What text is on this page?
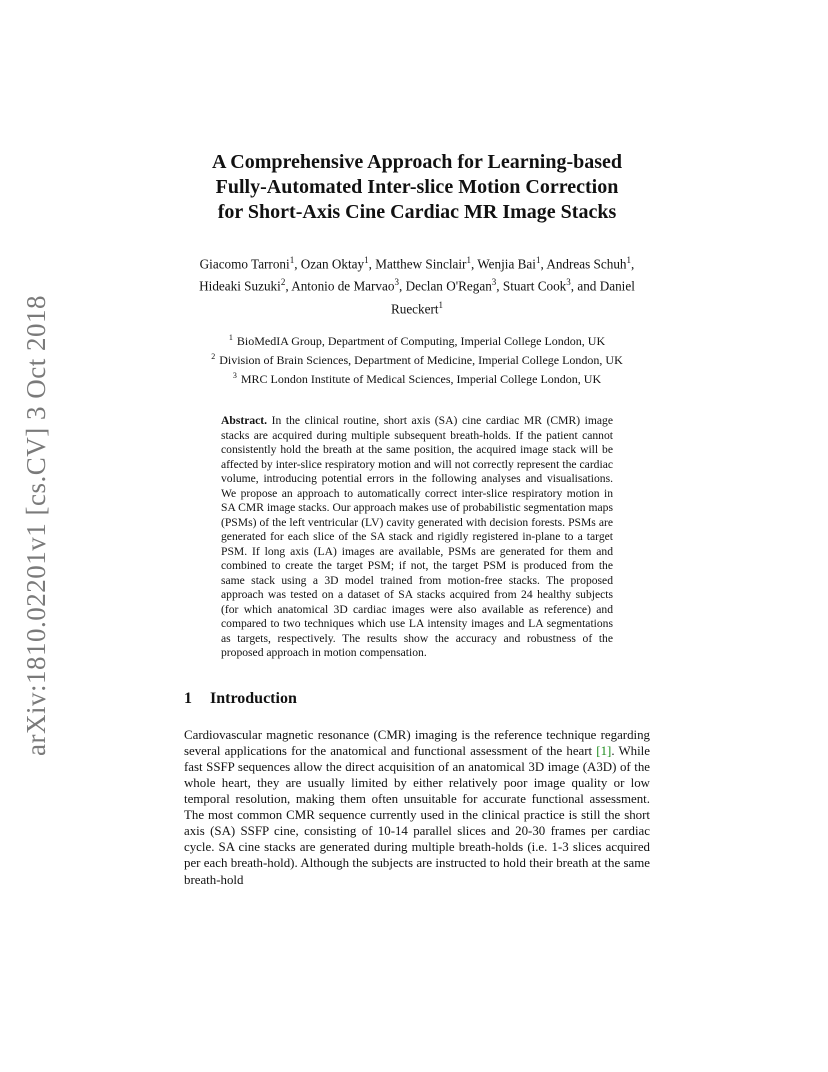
arXiv:1810.02201v1 [cs.CV] 3 Oct 2018
A Comprehensive Approach for Learning-based
Fully-Automated Inter-slice Motion Correction
for Short-Axis Cine Cardiac MR Image Stacks
Giacomo Tarroni$^1$, Ozan Oktay$^1$, Matthew Sinclair$^1$, Wenjia Bai$^1$, Andreas Schuh$^1$, Hideaki Suzuki$^2$, Antonio de Marvao$^3$, Declan O'Regan$^3$, Stuart Cook$^3$, and Daniel Rueckert$^1$
$^1$ BioMedIA Group, Department of Computing, Imperial College London, UK
$^2$ Division of Brain Sciences, Department of Medicine, Imperial College London, UK
$^3$ MRC London Institute of Medical Sciences, Imperial College London, UK
Abstract. In the clinical routine, short axis (SA) cine cardiac MR (CMR) image stacks are acquired during multiple subsequent breath-holds. If the patient cannot consistently hold the breath at the same position, the acquired image stack will be affected by inter-slice respiratory motion and will not correctly represent the cardiac volume, introducing potential errors in the following analyses and visualisations. We propose an approach to automatically correct inter-slice respiratory motion in SA CMR image stacks. Our approach makes use of probabilistic segmentation maps (PSMs) of the left ventricular (LV) cavity generated with decision forests. PSMs are generated for each slice of the SA stack and rigidly registered in-plane to a target PSM. If long axis (LA) images are available, PSMs are generated for them and combined to create the target PSM; if not, the target PSM is produced from the same stack using a 3D model trained from motion-free stacks. The proposed approach was tested on a dataset of SA stacks acquired from 24 healthy subjects (for which anatomical 3D cardiac images were also available as reference) and compared to two techniques which use LA intensity images and LA segmentations as targets, respectively. The results show the accuracy and robustness of the proposed approach in motion compensation.
1 Introduction
Cardiovascular magnetic resonance (CMR) imaging is the reference technique regarding several applications for the anatomical and functional assessment of the heart [1]. While fast SSFP sequences allow the direct acquisition of an anatomical 3D image (A3D) of the whole heart, they are usually limited by either relatively poor image quality or low temporal resolution, making them often unsuitable for accurate functional assessment. The most common CMR sequence currently used in the clinical practice is still the short axis (SA) SSFP cine, consisting of 10-14 parallel slices and 20-30 frames per cardiac cycle. SA cine stacks are generated during multiple breath-holds (i.e. 1-3 slices acquired per each breath-hold). Although the subjects are instructed to hold their breath at the same breath-hold
